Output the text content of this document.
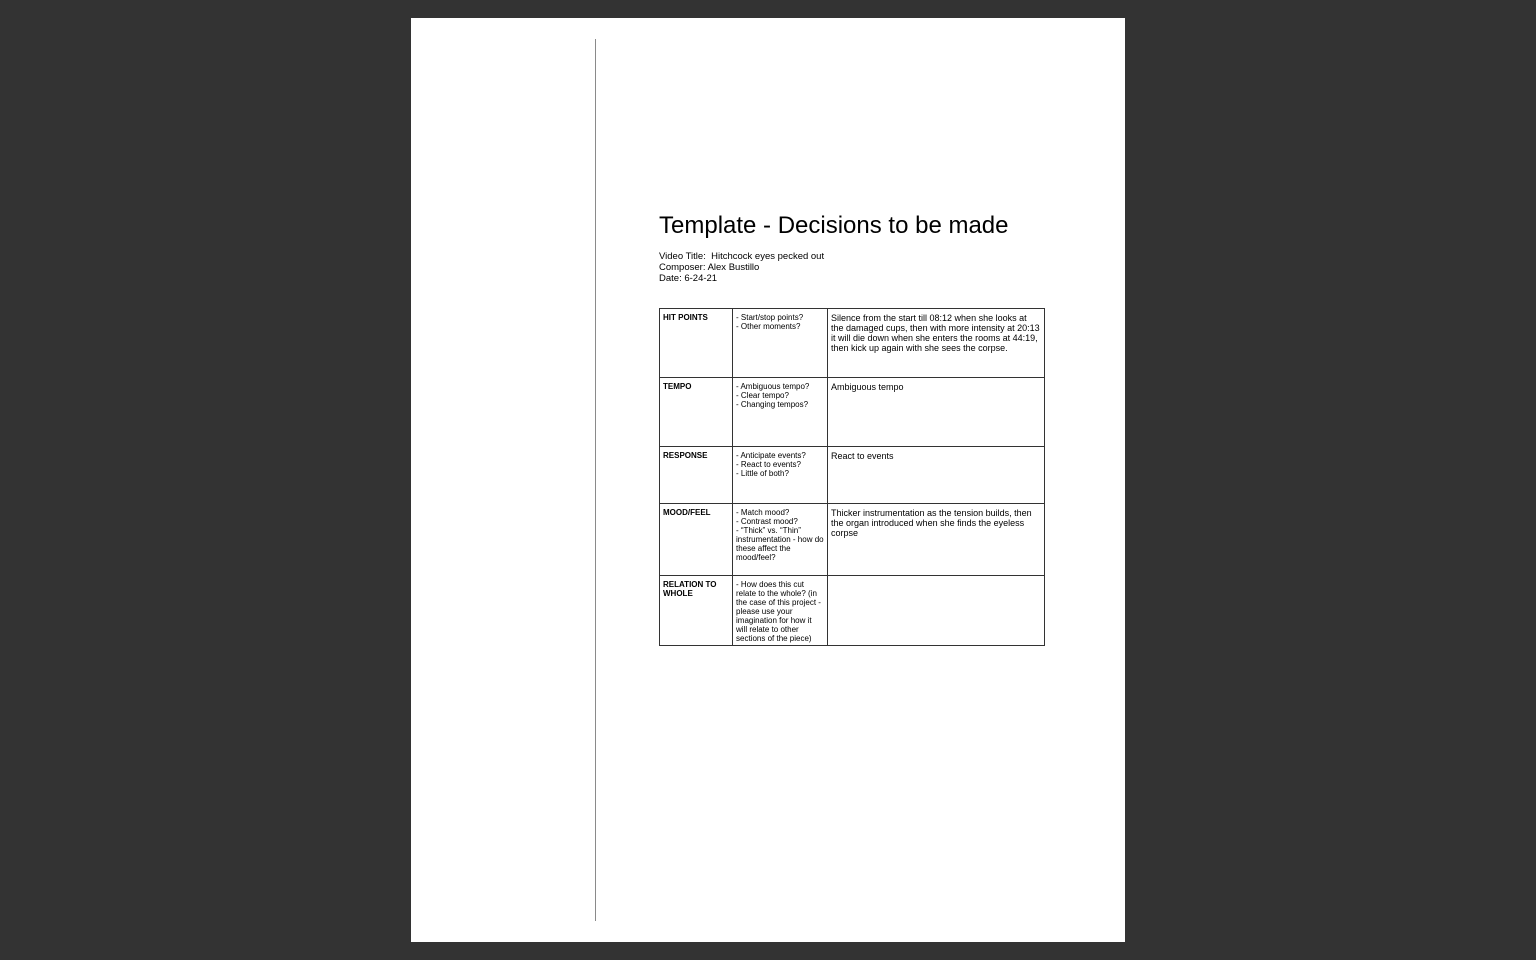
Template - Decisions to be made
Video Title:  Hitchcock eyes pecked out
Composer: Alex Bustillo
Date: 6-24-21
HIT POINTS	- Start/stop points?
- Other moments?	Silence from the start till 08:12 when she looks at the damaged cups, then with more intensity at 20:13 it will die down when she enters the rooms at 44:19, then kick up again with she sees the corpse.
TEMPO	- Ambiguous tempo?
- Clear tempo?
- Changing tempos?	Ambiguous tempo
RESPONSE	- Anticipate events?
- React to events?
- Little of both?	React to events
MOOD/FEEL	- Match mood?
- Contrast mood?
- “Thick” vs. “Thin” instrumentation - how do these affect the mood/feel?	Thicker instrumentation as the tension builds, then the organ introduced when she finds the eyeless corpse
RELATION TO WHOLE	- How does this cut relate to the whole? (in the case of this project - please use your imagination for how it will relate to other sections of the piece)	
